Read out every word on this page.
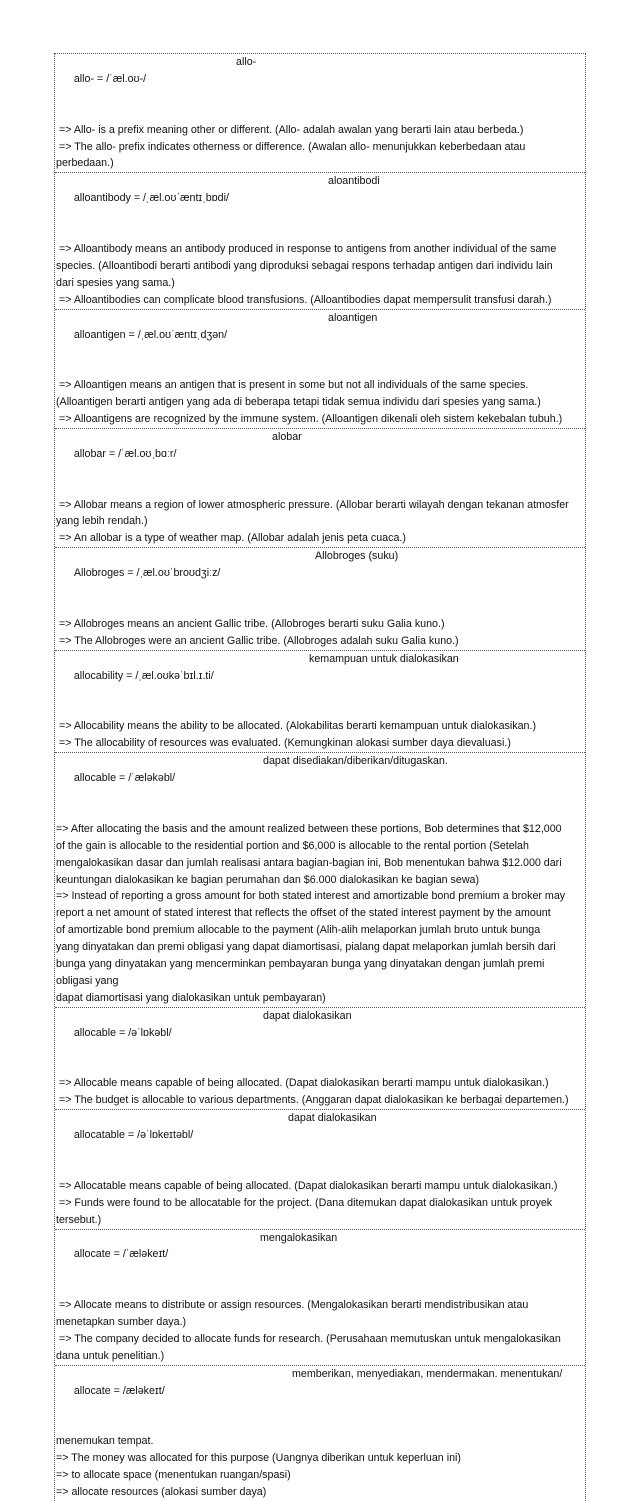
allo- = /ˈæl.oʊ-/

allo-

=> Allo- is a prefix meaning other or different. (Allo- adalah awalan yang berarti lain atau berbeda.)
=> The allo- prefix indicates otherness or difference. (Awalan allo- menunjukkan keberbedaan atau
perbedaan.)

alloantibody = /ˌæl.oʊˈæntɪˌbɒdi/

aloantibodi

=> Alloantibody means an antibody produced in response to antigens from another individual of the same
species. (Alloantibodi berarti antibodi yang diproduksi sebagai respons terhadap antigen dari individu lain
dari spesies yang sama.)
=> Alloantibodies can complicate blood transfusions. (Alloantibodies dapat mempersulit transfusi darah.)

alloantigen = /ˌæl.oʊˈæntɪˌdʒən/

aloantigen

=> Alloantigen means an antigen that is present in some but not all individuals of the same species.
(Alloantigen berarti antigen yang ada di beberapa tetapi tidak semua individu dari spesies yang sama.)
=> Alloantigens are recognized by the immune system. (Alloantigen dikenali oleh sistem kekebalan tubuh.)

allobar = /ˈæl.oʊˌbɑːr/

alobar

=> Allobar means a region of lower atmospheric pressure. (Allobar berarti wilayah dengan tekanan atmosfer
yang lebih rendah.)
=> An allobar is a type of weather map. (Allobar adalah jenis peta cuaca.)

Allobroges = /ˌæl.oʊˈbroʊdʒiːz/

Allobroges (suku)

=> Allobroges means an ancient Gallic tribe. (Allobroges berarti suku Galia kuno.)
=> The Allobroges were an ancient Gallic tribe. (Allobroges adalah suku Galia kuno.)

allocability = /ˌæl.oʊkəˈbɪl.ɪ.ti/

kemampuan untuk dialokasikan

=> Allocability means the ability to be allocated. (Alokabilitas berarti kemampuan untuk dialokasikan.)
=> The allocability of resources was evaluated. (Kemungkinan alokasi sumber daya dievaluasi.)

allocable = /ˈæləkəbl/

dapat disediakan/diberikan/ditugaskan.

=> After allocating the basis and the amount realized between these portions, Bob determines that $12,000
of the gain is allocable to the residential portion and $6,000 is allocable to the rental portion (Setelah
mengalokasikan dasar dan jumlah realisasi antara bagian-bagian ini, Bob menentukan bahwa $12.000 dari
keuntungan dialokasikan ke bagian perumahan dan $6.000 dialokasikan ke bagian sewa)
=> Instead of reporting a gross amount for both stated interest and amortizable bond premium a broker may
report a net amount of stated interest that reflects the offset of the stated interest payment by the amount
of amortizable bond premium allocable to the payment (Alih-alih melaporkan jumlah bruto untuk bunga
yang dinyatakan dan premi obligasi yang dapat diamortisasi, pialang dapat melaporkan jumlah bersih dari
bunga yang dinyatakan yang mencerminkan pembayaran bunga yang dinyatakan dengan jumlah premi
obligasi yang
dapat diamortisasi yang dialokasikan untuk pembayaran)

allocable = /əˈlɒkəbl/

dapat dialokasikan

=> Allocable means capable of being allocated. (Dapat dialokasikan berarti mampu untuk dialokasikan.)
=> The budget is allocable to various departments. (Anggaran dapat dialokasikan ke berbagai departemen.)

allocatable = /əˈlɒkeɪtəbl/

dapat dialokasikan

=> Allocatable means capable of being allocated. (Dapat dialokasikan berarti mampu untuk dialokasikan.)
=> Funds were found to be allocatable for the project. (Dana ditemukan dapat dialokasikan untuk proyek
tersebut.)

allocate = /ˈæləkeɪt/

mengalokasikan

=> Allocate means to distribute or assign resources. (Mengalokasikan berarti mendistribusikan atau
menetapkan sumber daya.)
=> The company decided to allocate funds for research. (Perusahaan memutuskan untuk mengalokasikan
dana untuk penelitian.)

allocate = /ælәkeɪt/

memberikan, menyediakan, mendermakan. menentukan/

menemukan tempat.
=> The money was allocated for this purpose (Uangnya diberikan untuk keperluan ini)
=> to allocate space (menentukan ruangan/spasi)
=> allocate resources (alokasi sumber daya)
